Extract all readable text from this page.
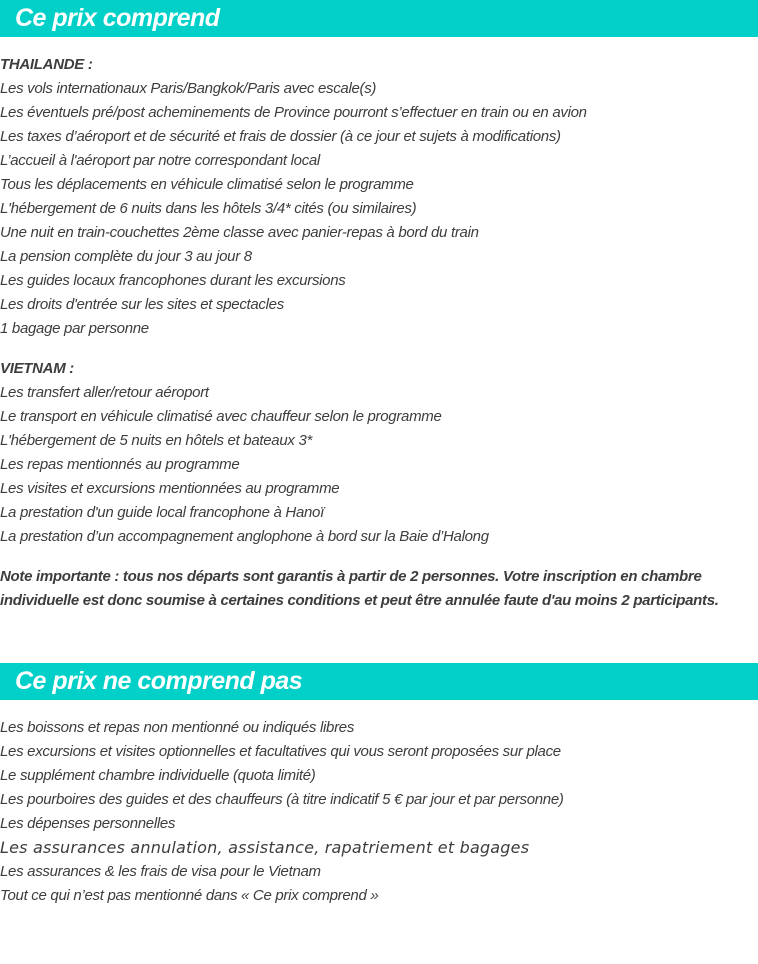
Ce prix comprend
THAILANDE :
Les vols internationaux Paris/Bangkok/Paris avec escale(s)
Les éventuels pré/post acheminements de Province pourront s’effectuer en train ou en avion
Les taxes d’aéroport et de sécurité et frais de dossier (à ce jour et sujets à modifications)
L’accueil à l'aéroport par notre correspondant local
Tous les déplacements en véhicule climatisé selon le programme
L'hébergement de 6 nuits dans les hôtels 3/4* cités (ou similaires)
Une nuit en train-couchettes 2ème classe avec panier-repas à bord du train
La pension complète du jour 3 au jour 8
Les guides locaux francophones durant les excursions
Les droits d'entrée sur les sites et spectacles
1 bagage par personne
VIETNAM :
Les transfert aller/retour aéroport
Le transport en véhicule climatisé avec chauffeur selon le programme
L'hébergement de 5 nuits en hôtels et bateaux 3*
Les repas mentionnés au programme
Les visites et excursions mentionnées au programme
La prestation d'un guide local francophone à Hanoï
La prestation d’un accompagnement anglophone à bord sur la Baie d’Halong
Note importante : tous nos départs sont garantis à partir de 2 personnes. Votre inscription en chambre
individuelle est donc soumise à certaines conditions et peut être annulée faute d'au moins 2 participants.
Ce prix ne comprend pas
Les boissons et repas non mentionné ou indiqués libres
Les excursions et visites optionnelles et facultatives qui vous seront proposées sur place
Le supplément chambre individuelle (quota limité)
Les pourboires des guides et des chauffeurs (à titre indicatif 5 € par jour et par personne)
Les dépenses personnelles
Les assurances annulation, assistance, rapatriement et bagages
Les assurances & les frais de visa pour le Vietnam
Tout ce qui n’est pas mentionné dans « Ce prix comprend »
